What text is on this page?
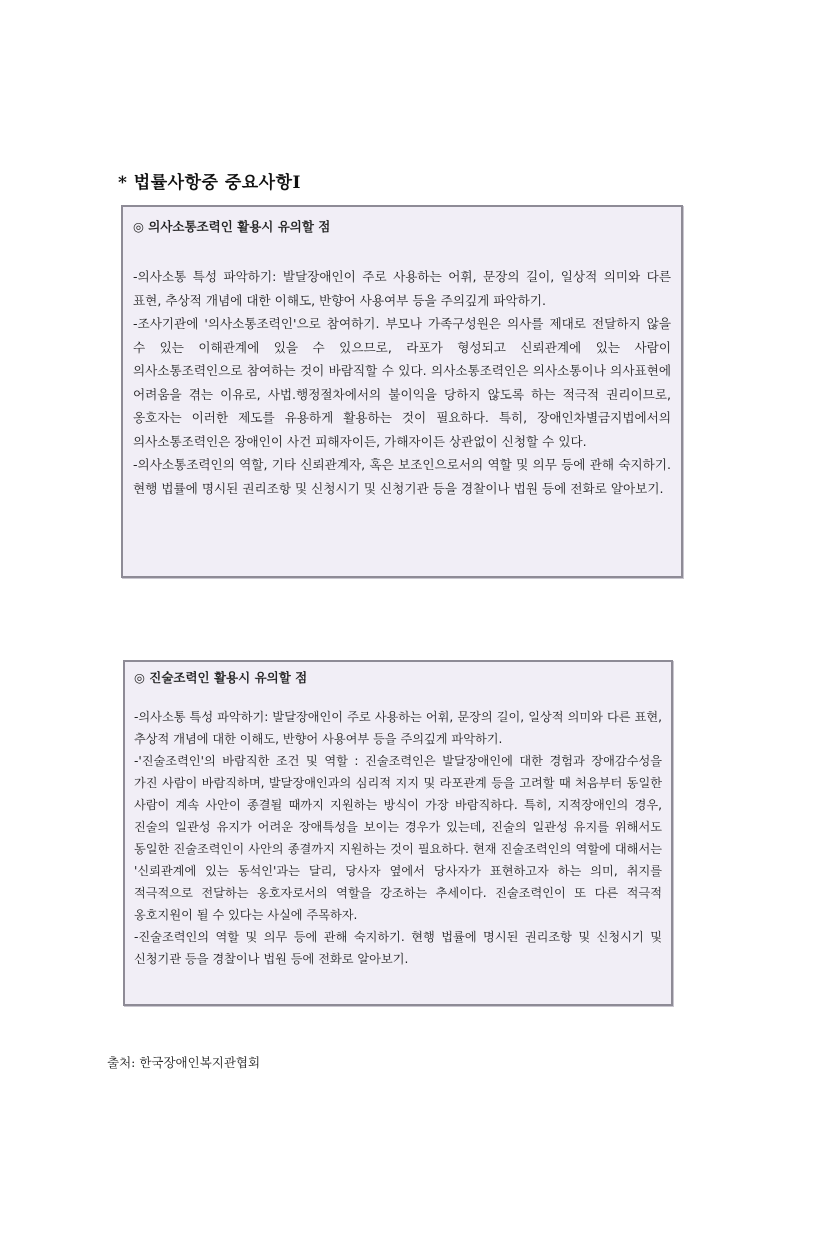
* 법률사항중 중요사항Ⅰ
◎ 의사소통조력인 활용시 유의할 점
-의사소통 특성 파악하기: 발달장애인이 주로 사용하는 어휘, 문장의 길이, 일상적 의미와 다른 표현, 추상적 개념에 대한 이해도, 반향어 사용여부 등을 주의깊게 파악하기.
-조사기관에 '의사소통조력인'으로 참여하기. 부모나 가족구성원은 의사를 제대로 전달하지 않을 수 있는 이해관계에 있을 수 있으므로, 라포가 형성되고 신뢰관계에 있는 사람이 의사소통조력인으로 참여하는 것이 바람직할 수 있다. 의사소통조력인은 의사소통이나 의사표현에 어려움을 겪는 이유로, 사법.행정절차에서의 불이익을 당하지 않도록 하는 적극적 권리이므로, 옹호자는 이러한 제도를 유용하게 활용하는 것이 필요하다. 특히, 장애인차별금지법에서의 의사소통조력인은 장애인이 사건 피해자이든, 가해자이든 상관없이 신청할 수 있다.
-의사소통조력인의 역할, 기타 신뢰관계자, 혹은 보조인으로서의 역할 및 의무 등에 관해 숙지하기. 현행 법률에 명시된 권리조항 및 신청시기 및 신청기관 등을 경찰이나 법원 등에 전화로 알아보기.
◎ 진술조력인 활용시 유의할 점
-의사소통 특성 파악하기: 발달장애인이 주로 사용하는 어휘, 문장의 길이, 일상적 의미와 다른 표현, 추상적 개념에 대한 이해도, 반향어 사용여부 등을 주의깊게 파악하기.
-'진술조력인'의 바람직한 조건 및 역할 : 진술조력인은 발달장애인에 대한 경험과 장애감수성을 가진 사람이 바람직하며, 발달장애인과의 심리적 지지 및 라포관계 등을 고려할 때 처음부터 동일한 사람이 계속 사안이 종결될 때까지 지원하는 방식이 가장 바람직하다. 특히, 지적장애인의 경우, 진술의 일관성 유지가 어려운 장애특성을 보이는 경우가 있는데, 진술의 일관성 유지를 위해서도 동일한 진술조력인이 사안의 종결까지 지원하는 것이 필요하다. 현재 진술조력인의 역할에 대해서는 '신뢰관계에 있는 동석인'과는 달리, 당사자 옆에서 당사자가 표현하고자 하는 의미, 취지를 적극적으로 전달하는 옹호자로서의 역할을 강조하는 추세이다. 진술조력인이 또 다른 적극적 옹호지원이 될 수 있다는 사실에 주목하자.
-진술조력인의 역할 및 의무 등에 관해 숙지하기. 현행 법률에 명시된 권리조항 및 신청시기 및 신청기관 등을 경찰이나 법원 등에 전화로 알아보기.
출처: 한국장애인복지관협회
